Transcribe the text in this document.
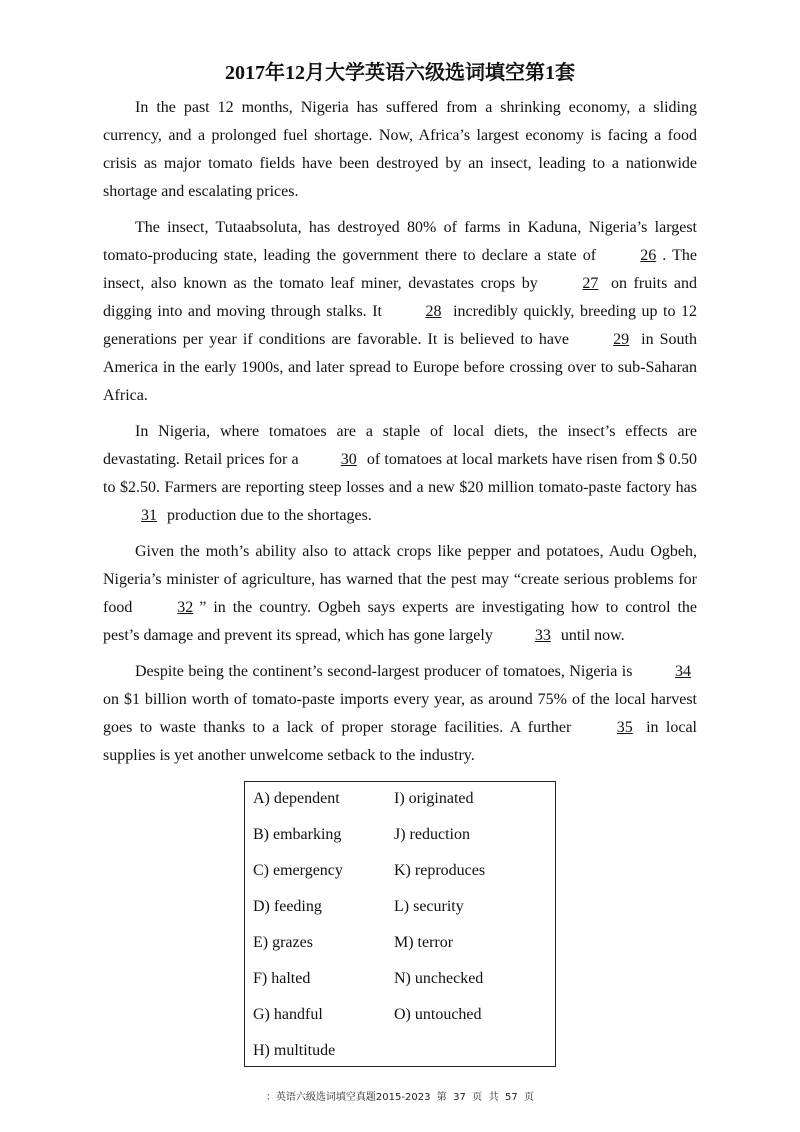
2017年12月大学英语六级选词填空第1套

In the past 12 months, Nigeria has suffered from a shrinking economy, a sliding currency, and a prolonged fuel shortage. Now, Africa’s largest economy is facing a food crisis as major tomato fields have been destroyed by an insect, leading to a nationwide shortage and escalating prices.

The insect, Tutaabsoluta, has destroyed 80% of farms in Kaduna, Nigeria’s largest tomato-producing state, leading the government there to declare a state of 26 . The insect, also known as the tomato leaf miner, devastates crops by 27 on fruits and digging into and moving through stalks. It 28 incredibly quickly, breeding up to 12 generations per year if conditions are favorable. It is believed to have 29 in South America in the early 1900s, and later spread to Europe before crossing over to sub-Saharan Africa.

In Nigeria, where tomatoes are a staple of local diets, the insect’s effects are devastating. Retail prices for a 30 of tomatoes at local markets have risen from $ 0.50 to $2.50. Farmers are reporting steep losses and a new $20 million tomato-paste factory has 31 production due to the shortages.

Given the moth’s ability also to attack crops like pepper and potatoes, Audu Ogbeh, Nigeria’s minister of agriculture, has warned that the pest may “create serious problems for food 32 ” in the country. Ogbeh says experts are investigating how to control the pest’s damage and prevent its spread, which has gone largely 33 until now.

Despite being the continent’s second-largest producer of tomatoes, Nigeria is 34 on $1 billion worth of tomato-paste imports every year, as around 75% of the local harvest goes to waste thanks to a lack of proper storage facilities. A further 35 in local supplies is yet another unwelcome setback to the industry.

A) dependent
B) embarking
C) emergency
D) feeding
E) grazes
F) halted
G) handful
H) multitude
I) originated
J) reduction
K) reproduces
L) security
M) terror
N) unchecked
O) untouched
：英语六级选词填空真题2015-2023  第  37  页  共  57  页
